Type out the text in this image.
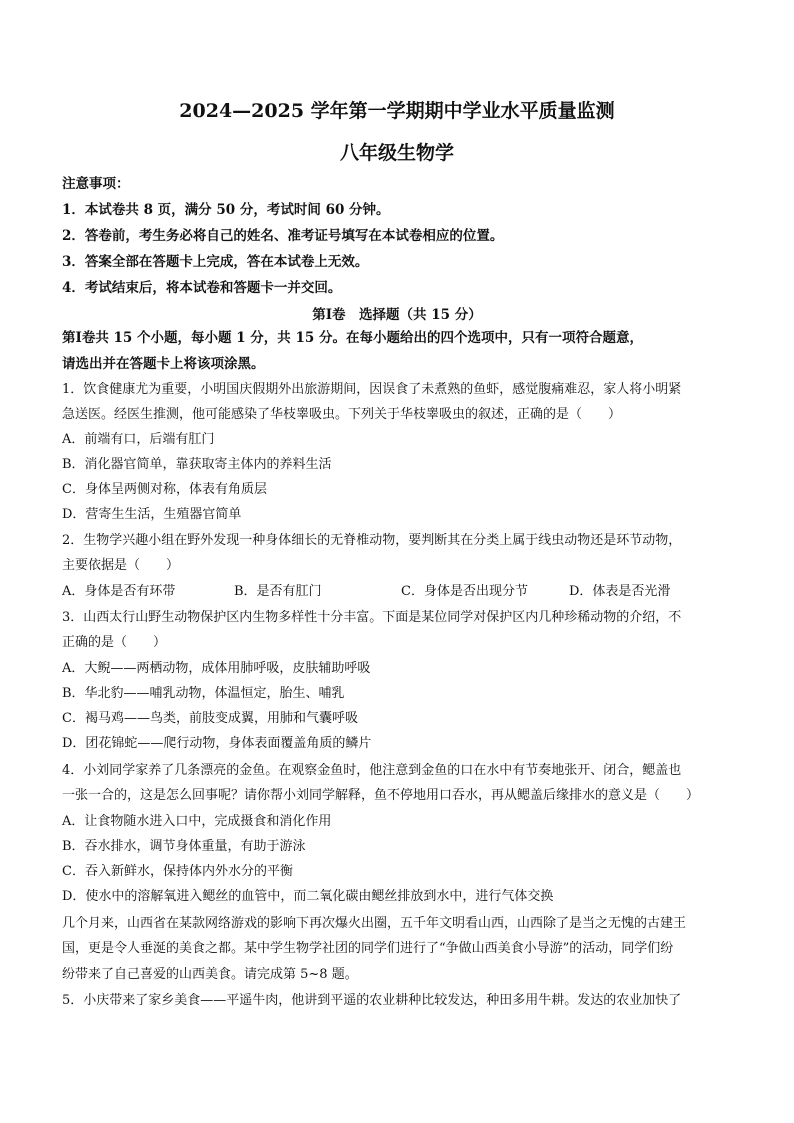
2024—2025 学年第一学期期中学业水平质量监测
八年级生物学
注意事项：
1．本试卷共 8 页，满分 50 分，考试时间 60 分钟。
2．答卷前，考生务必将自己的姓名、准考证号填写在本试卷相应的位置。
3．答案全部在答题卡上完成，答在本试卷上无效。
4．考试结束后，将本试卷和答题卡一并交回。
第Ⅰ卷　选择题（共 15 分）
第Ⅰ卷共 15 个小题，每小题 1 分，共 15 分。在每小题给出的四个选项中，只有一项符合题意，
请选出并在答题卡上将该项涂黑。
1．饮食健康尤为重要，小明国庆假期外出旅游期间，因误食了未煮熟的鱼虾，感觉腹痛难忍，家人将小明紧
急送医。经医生推测，他可能感染了华枝睾吸虫。下列关于华枝睾吸虫的叙述，正确的是（　　）
A．前端有口，后端有肛门
B．消化器官简单，靠获取寄主体内的养料生活
C．身体呈两侧对称，体表有角质层
D．营寄生生活，生殖器官简单
2．生物学兴趣小组在野外发现一种身体细长的无脊椎动物，要判断其在分类上属于线虫动物还是环节动物，
主要依据是（　　）
A．身体是否有环带	B．是否有肛门	C．身体是否出现分节	D．体表是否光滑
3．山西太行山野生动物保护区内生物多样性十分丰富。下面是某位同学对保护区内几种珍稀动物的介绍，不
正确的是（　　）
A．大鲵——两栖动物，成体用肺呼吸，皮肤辅助呼吸
B．华北豹——哺乳动物，体温恒定，胎生、哺乳
C．褐马鸡——鸟类，前肢变成翼，用肺和气囊呼吸
D．团花锦蛇——爬行动物，身体表面覆盖角质的鳞片
4．小刘同学家养了几条漂亮的金鱼。在观察金鱼时，他注意到金鱼的口在水中有节奏地张开、闭合，鳃盖也
一张一合的，这是怎么回事呢？请你帮小刘同学解释，鱼不停地用口吞水，再从鳃盖后缘排水的意义是（　　）
A．让食物随水进入口中，完成摄食和消化作用
B．吞水排水，调节身体重量，有助于游泳
C．吞入新鲜水，保持体内外水分的平衡
D．使水中的溶解氧进入鳃丝的血管中，而二氧化碳由鳃丝排放到水中，进行气体交换
几个月来，山西省在某款网络游戏的影响下再次爆火出圈，五千年文明看山西，山西除了是当之无愧的古建王
国，更是令人垂涎的美食之都。某中学生物学社团的同学们进行了“争做山西美食小导游”的活动，同学们纷
纷带来了自己喜爱的山西美食。请完成第 5~8 题。
5．小庆带来了家乡美食——平遥牛肉，他讲到平遥的农业耕种比较发达，种田多用牛耕。发达的农业加快了
